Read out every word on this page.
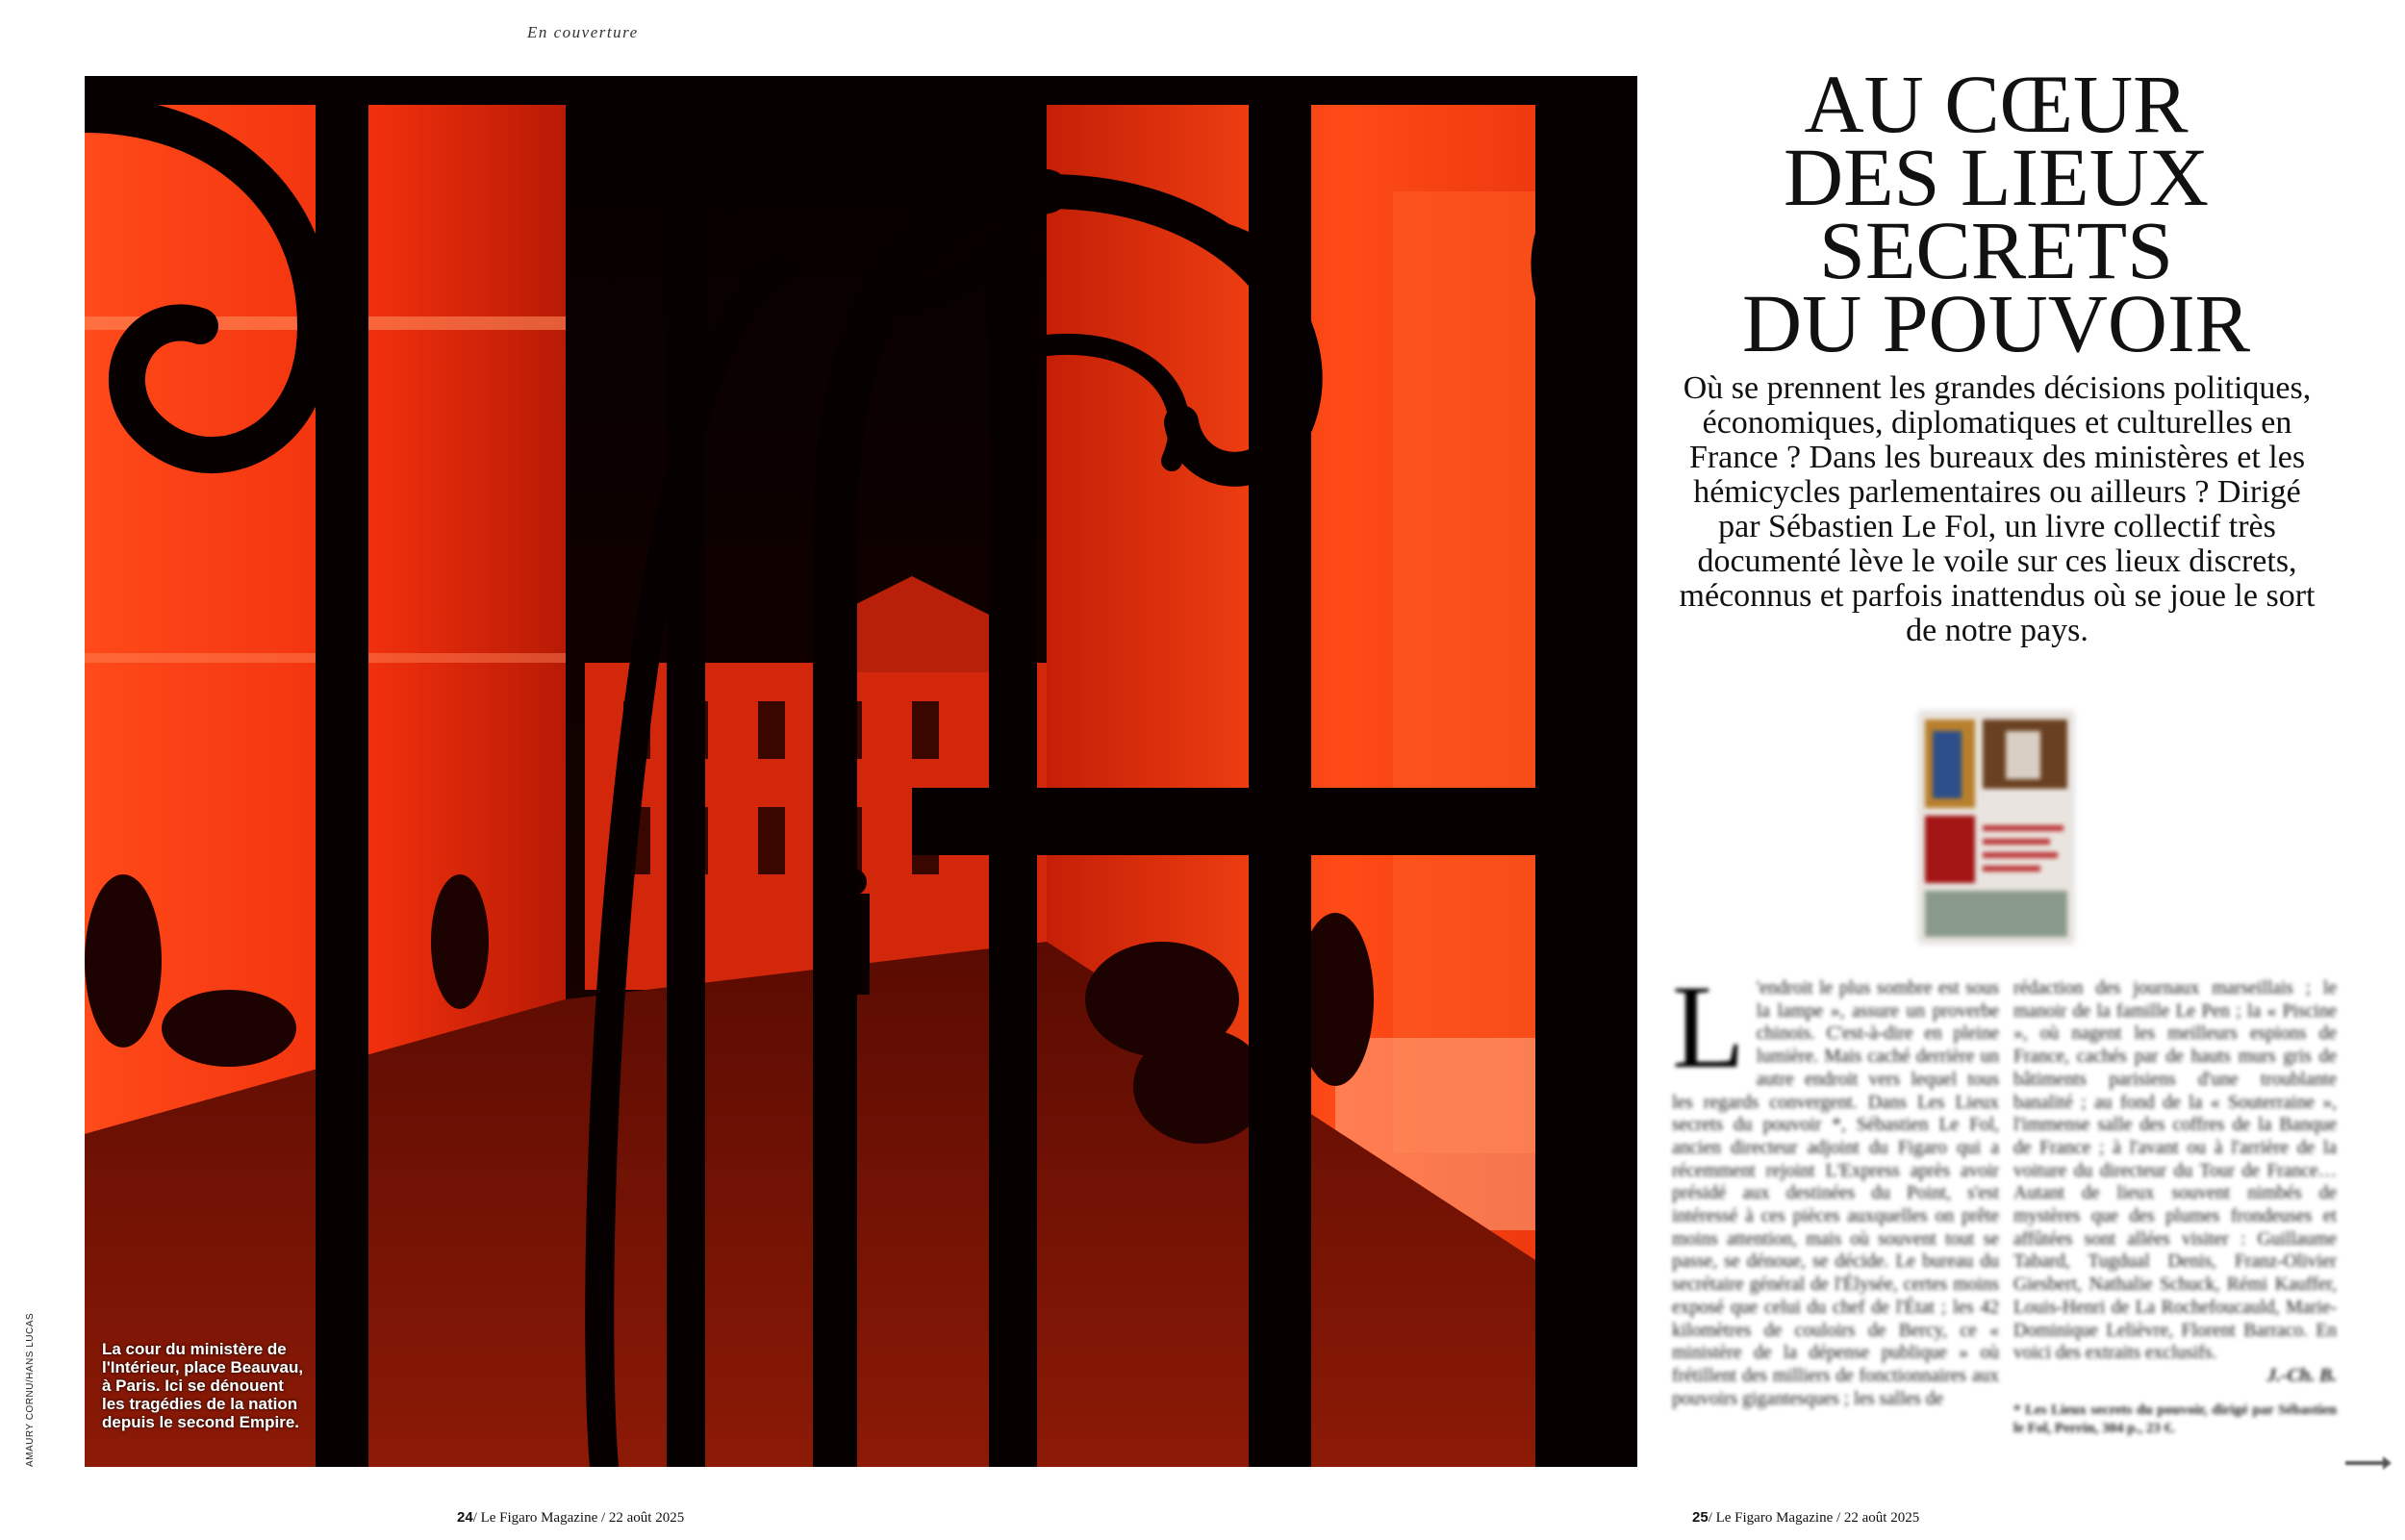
En couverture
La cour du ministère de l'Intérieur, place Beauvau, à Paris. Ici se dénouent les tragédies de la nation depuis le second Empire.
AMAURY CORNU/HANS LUCAS
AU CŒUR
DES LIEUX
SECRETS
DU POUVOIR
Où se prennent les grandes décisions politiques, économiques, diplomatiques et culturelles en France ? Dans les bureaux des ministères et les hémicycles parlementaires ou ailleurs ? Dirigé par Sébastien Le Fol, un livre collectif très documenté lève le voile sur ces lieux discrets, méconnus et parfois inattendus où se joue le sort de notre pays.
L 'endroit le plus sombre est sous la lampe », assure un proverbe chinois. C'est-à-dire en pleine lumière. Mais caché derrière un autre endroit vers lequel tous les regards convergent. Dans Les Lieux secrets du pouvoir *, Sébastien Le Fol, ancien directeur adjoint du Figaro qui a récemment rejoint L'Express après avoir présidé aux destinées du Point, s'est intéressé à ces pièces auxquelles on prête moins attention, mais où souvent tout se passe, se dénoue, se décide. Le bureau du secrétaire général de l'Élysée, certes moins exposé que celui du chef de l'État ; les 42 kilomètres de couloirs de Bercy, ce « ministère de la dépense publique » où frétillent des milliers de fonctionnaires aux pouvoirs gigantesques ; les salles de
rédaction des journaux marseillais ; le manoir de la famille Le Pen ; la « Piscine », où nagent les meilleurs espions de France, cachés par de hauts murs gris de bâtiments parisiens d'une troublante banalité ; au fond de la « Souterraine », l'immense salle des coffres de la Banque de France ; à l'avant ou à l'arrière de la voiture du directeur du Tour de France… Autant de lieux souvent nimbés de mystères que des plumes frondeuses et affûtées sont allées visiter : Guillaume Tabard, Tugdual Denis, Franz-Olivier Giesbert, Nathalie Schuck, Rémi Kauffer, Louis-Henri de La Rochefoucauld, Marie-Dominique Lelièvre, Florent Barraco. En voici des extraits exclusifs.
J.-Ch. B.
* Les Lieux secrets du pouvoir, dirigé par Sébastien le Fol, Perrin, 304 p., 23 €.
24/ Le Figaro Magazine / 22 août 2025	25/ Le Figaro Magazine / 22 août 2025
